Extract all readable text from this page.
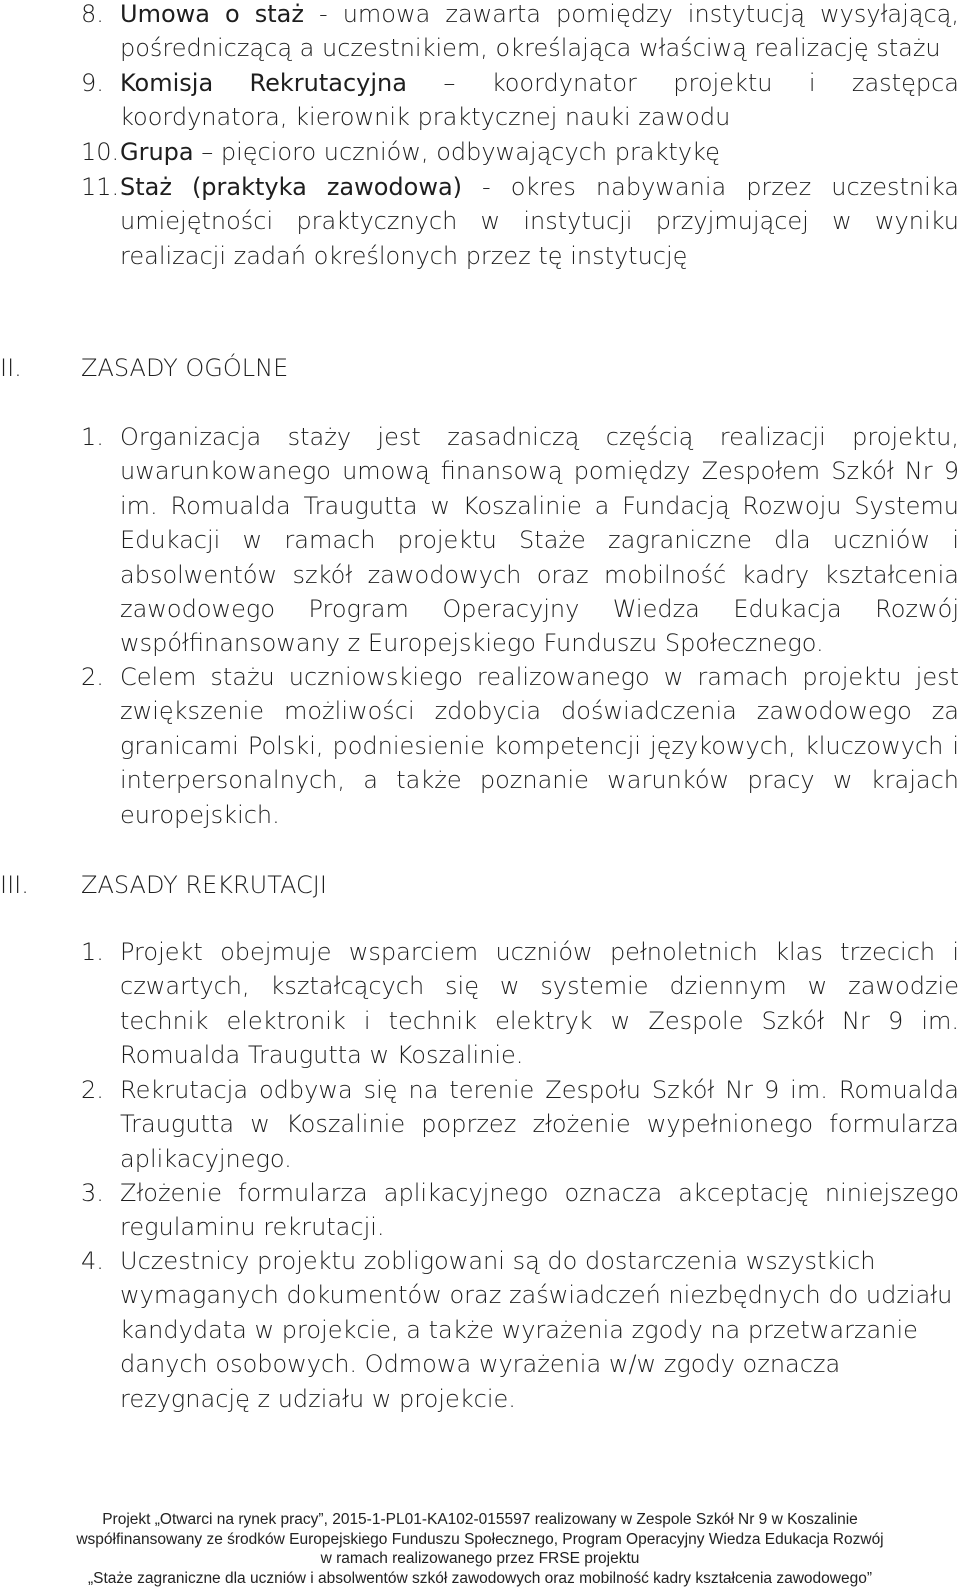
8. Umowa o staż - umowa zawarta pomiędzy instytucją wysyłającą, pośredniczącą a uczestnikiem, określająca właściwą realizację stażu
9. Komisja Rekrutacyjna – koordynator projektu i zastępca koordynatora, kierownik praktycznej nauki zawodu
10. Grupa – pięcioro uczniów, odbywających praktykę
11. Staż (praktyka zawodowa) - okres nabywania przez uczestnika umiejętności praktycznych w instytucji przyjmującej w wyniku realizacji zadań określonych przez tę instytucję
II. ZASADY OGÓLNE
1. Organizacja staży jest zasadniczą częścią realizacji projektu, uwarunkowanego umową finansową pomiędzy Zespołem Szkół Nr 9 im. Romualda Traugutta w Koszalinie a Fundacją Rozwoju Systemu Edukacji w ramach projektu Staże zagraniczne dla uczniów i absolwentów szkół zawodowych oraz mobilność kadry kształcenia zawodowego Program Operacyjny Wiedza Edukacja Rozwój współfinansowany z Europejskiego Funduszu Społecznego.
2. Celem stażu uczniowskiego realizowanego w ramach projektu jest zwiększenie możliwości zdobycia doświadczenia zawodowego za granicami Polski, podniesienie kompetencji językowych, kluczowych i interpersonalnych, a także poznanie warunków pracy w krajach europejskich.
III. ZASADY REKRUTACJI
1. Projekt obejmuje wsparciem uczniów pełnoletnich klas trzecich i czwartych, kształcących się w systemie dziennym w zawodzie technik elektronik i technik elektryk w Zespole Szkół Nr 9 im. Romualda Traugutta w Koszalinie.
2. Rekrutacja odbywa się na terenie Zespołu Szkół Nr 9 im. Romualda Traugutta w Koszalinie poprzez złożenie wypełnionego formularza aplikacyjnego.
3. Złożenie formularza aplikacyjnego oznacza akceptację niniejszego regulaminu rekrutacji.
4. Uczestnicy projektu zobligowani są do dostarczenia wszystkich wymaganych dokumentów oraz zaświadczeń niezbędnych do udziału kandydata w projekcie, a także wyrażenia zgody na przetwarzanie danych osobowych. Odmowa wyrażenia w/w zgody oznacza rezygnację z udziału w projekcie.
Projekt „Otwarci na rynek pracy”, 2015-1-PL01-KA102-015597 realizowany w Zespole Szkół Nr 9 w Koszalinie
współfinansowany ze środków Europejskiego Funduszu Społecznego, Program Operacyjny Wiedza Edukacja Rozwój
w ramach realizowanego przez FRSE projektu
„Staże zagraniczne dla uczniów i absolwentów szkół zawodowych oraz mobilność kadry kształcenia zawodowego”
